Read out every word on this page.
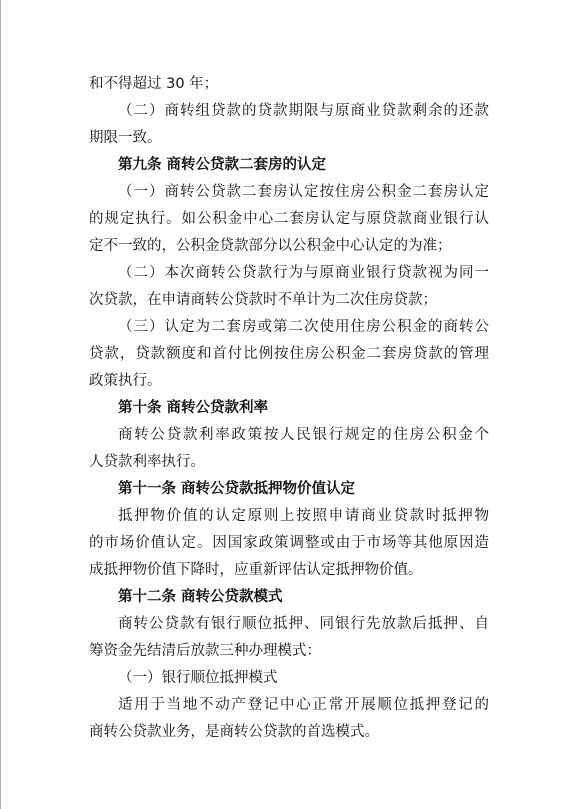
和不得超过 30 年；
（二）商转组贷款的贷款期限与原商业贷款剩余的还款
期限一致。
第九条 商转公贷款二套房的认定
（一）商转公贷款二套房认定按住房公积金二套房认定
的规定执行。如公积金中心二套房认定与原贷款商业银行认
定不一致的，公积金贷款部分以公积金中心认定的为准；
（二）本次商转公贷款行为与原商业银行贷款视为同一
次贷款，在申请商转公贷款时不单计为二次住房贷款；
（三）认定为二套房或第二次使用住房公积金的商转公
贷款，贷款额度和首付比例按住房公积金二套房贷款的管理
政策执行。
第十条 商转公贷款利率
商转公贷款利率政策按人民银行规定的住房公积金个
人贷款利率执行。
第十一条 商转公贷款抵押物价值认定
抵押物价值的认定原则上按照申请商业贷款时抵押物
的市场价值认定。因国家政策调整或由于市场等其他原因造
成抵押物价值下降时，应重新评估认定抵押物价值。
第十二条 商转公贷款模式
商转公贷款有银行顺位抵押、同银行先放款后抵押、自
筹资金先结清后放款三种办理模式：
（一）银行顺位抵押模式
适用于当地不动产登记中心正常开展顺位抵押登记的
商转公贷款业务，是商转公贷款的首选模式。
